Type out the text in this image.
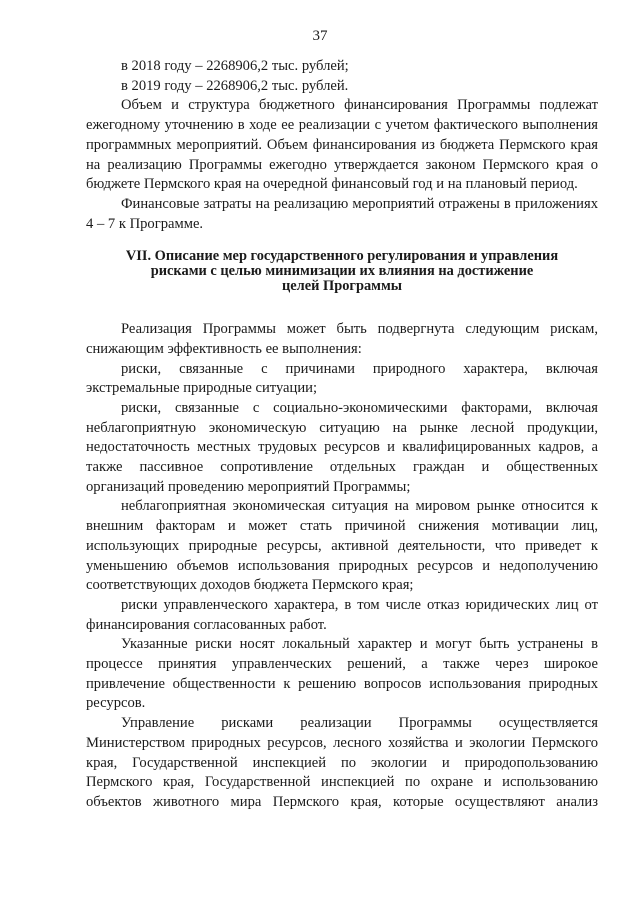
37

в 2018 году – 2268906,2 тыс. рублей;

в 2019 году – 2268906,2 тыс. рублей.

Объем и структура бюджетного финансирования Программы подлежат ежегодному уточнению в ходе ее реализации с учетом фактического выполнения программных мероприятий. Объем финансирования из бюджета Пермского края на реализацию Программы ежегодно утверждается законом Пермского края о бюджете Пермского края на очередной финансовый год и на плановый период.

Финансовые затраты на реализацию мероприятий отражены в приложениях 4 – 7 к Программе.

VII. Описание мер государственного регулирования и управления
рисками с целью минимизации их влияния на достижение
целей Программы

Реализация Программы может быть подвергнута следующим рискам, снижающим эффективность ее выполнения:

риски, связанные с причинами природного характера, включая экстремальные природные ситуации;

риски, связанные с социально-экономическими факторами, включая неблагоприятную экономическую ситуацию на рынке лесной продукции, недостаточность местных трудовых ресурсов и квалифицированных кадров, а также пассивное сопротивление отдельных граждан и общественных организаций проведению мероприятий Программы;

неблагоприятная экономическая ситуация на мировом рынке относится к внешним факторам и может стать причиной снижения мотивации лиц, использующих природные ресурсы, активной деятельности, что приведет к уменьшению объемов использования природных ресурсов и недополучению соответствующих доходов бюджета Пермского края;

риски управленческого характера, в том числе отказ юридических лиц от финансирования согласованных работ.

Указанные риски носят локальный характер и могут быть устранены в процессе принятия управленческих решений, а также через широкое привлечение общественности к решению вопросов использования природных ресурсов.

Управление рисками реализации Программы осуществляется Министерством природных ресурсов, лесного хозяйства и экологии Пермского края, Государственной инспекцией по экологии и природопользованию Пермского края, Государственной инспекцией по охране и использованию объектов животного мира Пермского края, которые осуществляют анализ
